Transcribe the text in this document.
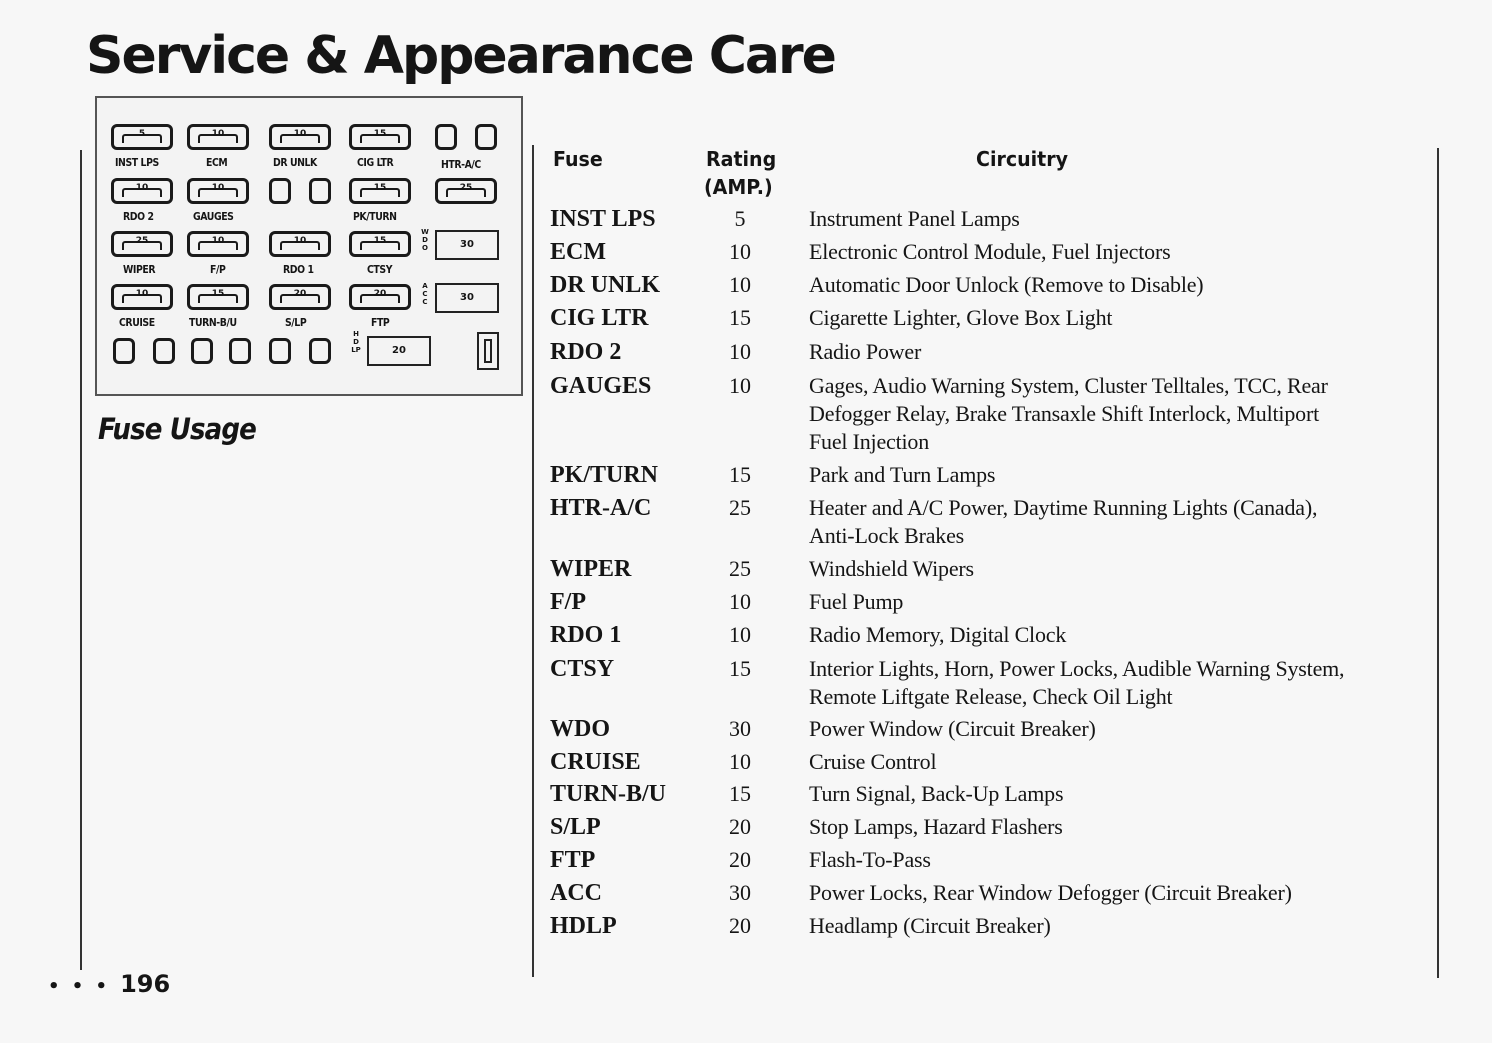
Service & Appearance Care
5
INST LPS
10
ECM
10
DR UNLK
15
CIG LTR	HTR-A/C
10
RDO 2
10
GAUGES
15
PK/TURN
25
25
WIPER
10
F/P
10
RDO 1
15
CTSY
WDO	30
10
CRUISE
15
TURN-B/U
20
S/LP
20
FTP
ACC	30
HDLP	20
Fuse Usage
• • • 196
Fuse	Rating
(AMP.)
Circuitry
INST LPS	5	Instrument Panel Lamps
ECM	10	Electronic Control Module, Fuel Injectors
DR UNLK	10	Automatic Door Unlock (Remove to Disable)
CIG LTR	15	Cigarette Lighter, Glove Box Light
RDO 2	10	Radio Power
GAUGES	10	Gages, Audio Warning System, Cluster Telltales, TCC, Rear Defogger Relay, Brake Transaxle Shift Interlock, Multiport Fuel Injection
PK/TURN	15	Park and Turn Lamps
HTR-A/C	25	Heater and A/C Power, Daytime Running Lights (Canada), Anti-Lock Brakes
WIPER	25	Windshield Wipers
F/P	10	Fuel Pump
RDO 1	10	Radio Memory, Digital Clock
CTSY	15	Interior Lights, Horn, Power Locks, Audible Warning System, Remote Liftgate Release, Check Oil Light
WDO	30	Power Window (Circuit Breaker)
CRUISE	10	Cruise Control
TURN-B/U	15	Turn Signal, Back-Up Lamps
S/LP	20	Stop Lamps, Hazard Flashers
FTP	20	Flash-To-Pass
ACC	30	Power Locks, Rear Window Defogger (Circuit Breaker)
HDLP	20	Headlamp (Circuit Breaker)
